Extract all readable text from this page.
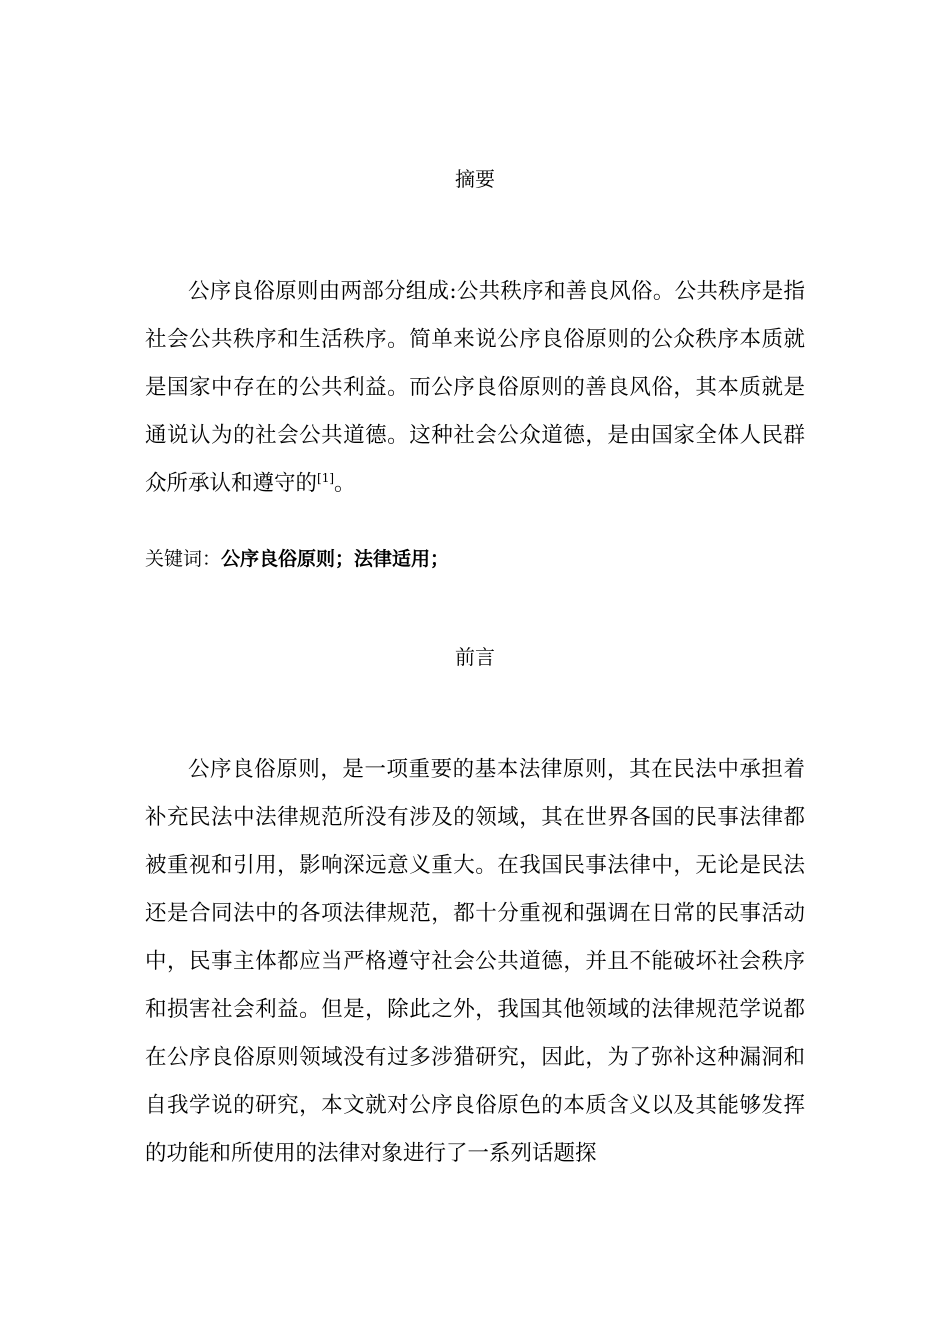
摘要

公序良俗原则由两部分组成:公共秩序和善良风俗。公共秩序是指社会公共秩序和生活秩序。简单来说公序良俗原则的公众秩序本质就是国家中存在的公共利益。而公序良俗原则的善良风俗，其本质就是通说认为的社会公共道德。这种社会公众道德，是由国家全体人民群众所承认和遵守的[1]。

关键词：公序良俗原则；法律适用；
前言

公序良俗原则，是一项重要的基本法律原则，其在民法中承担着补充民法中法律规范所没有涉及的领域，其在世界各国的民事法律都被重视和引用，影响深远意义重大。在我国民事法律中，无论是民法还是合同法中的各项法律规范，都十分重视和强调在日常的民事活动中，民事主体都应当严格遵守社会公共道德，并且不能破坏社会秩序和损害社会利益。但是，除此之外，我国其他领域的法律规范学说都在公序良俗原则领域没有过多涉猎研究，因此，为了弥补这种漏洞和自我学说的研究，本文就对公序良俗原色的本质含义以及其能够发挥的功能和所使用的法律对象进行了一系列话题探
